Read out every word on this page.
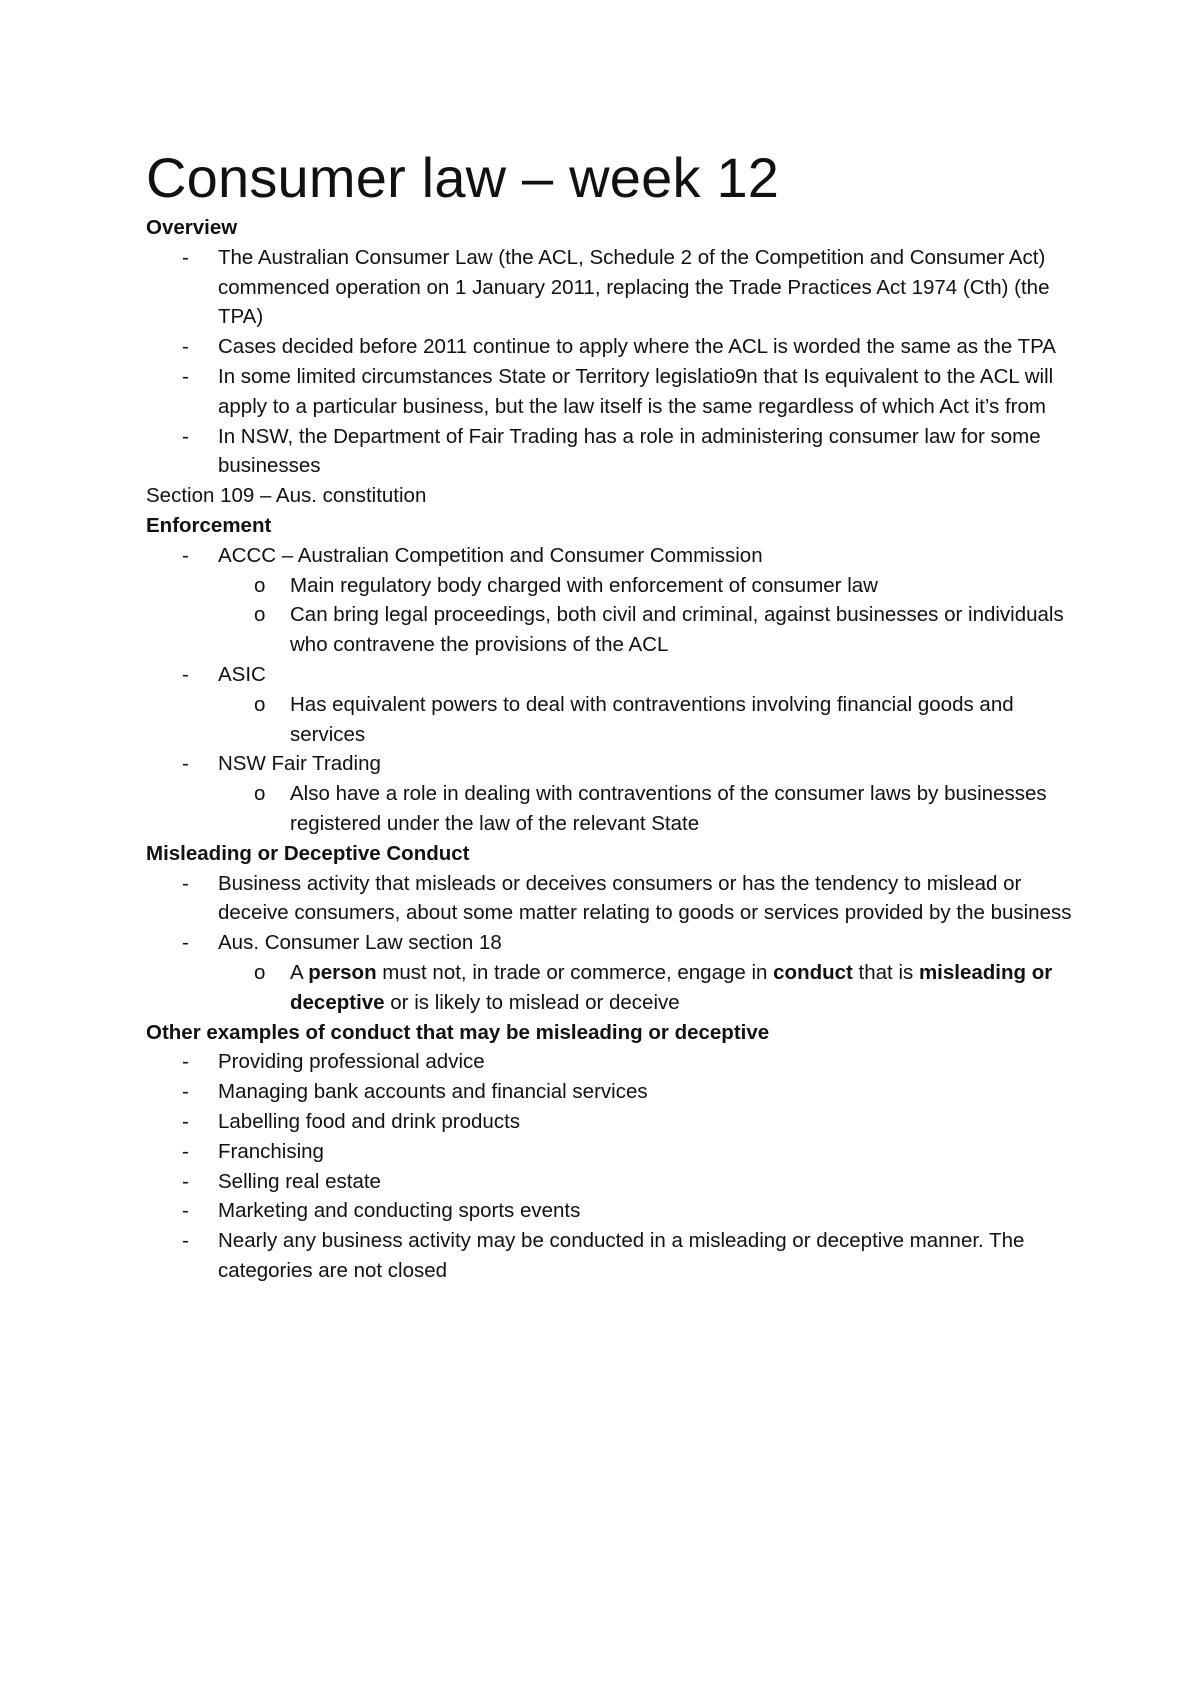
Consumer law – week 12

Overview

- The Australian Consumer Law (the ACL, Schedule 2 of the Competition and Consumer Act) commenced operation on 1 January 2011, replacing the Trade Practices Act 1974 (Cth) (the TPA)
- Cases decided before 2011 continue to apply where the ACL is worded the same as the TPA
- In some limited circumstances State or Territory legislatio9n that Is equivalent to the ACL will apply to a particular business, but the law itself is the same regardless of which Act it’s from
- In NSW, the Department of Fair Trading has a role in administering consumer law for some businesses

Section 109 – Aus. constitution

Enforcement

- ACCC – Australian Competition and Consumer Commission
o Main regulatory body charged with enforcement of consumer law
o Can bring legal proceedings, both civil and criminal, against businesses or individuals who contravene the provisions of the ACL
- ASIC
o Has equivalent powers to deal with contraventions involving financial goods and services
- NSW Fair Trading
o Also have a role in dealing with contraventions of the consumer laws by businesses registered under the law of the relevant State

Misleading or Deceptive Conduct

- Business activity that misleads or deceives consumers or has the tendency to mislead or deceive consumers, about some matter relating to goods or services provided by the business
- Aus. Consumer Law section 18
o A person must not, in trade or commerce, engage in conduct that is misleading or deceptive or is likely to mislead or deceive

Other examples of conduct that may be misleading or deceptive

- Providing professional advice
- Managing bank accounts and financial services
- Labelling food and drink products
- Franchising
- Selling real estate
- Marketing and conducting sports events
- Nearly any business activity may be conducted in a misleading or deceptive manner. The categories are not closed
